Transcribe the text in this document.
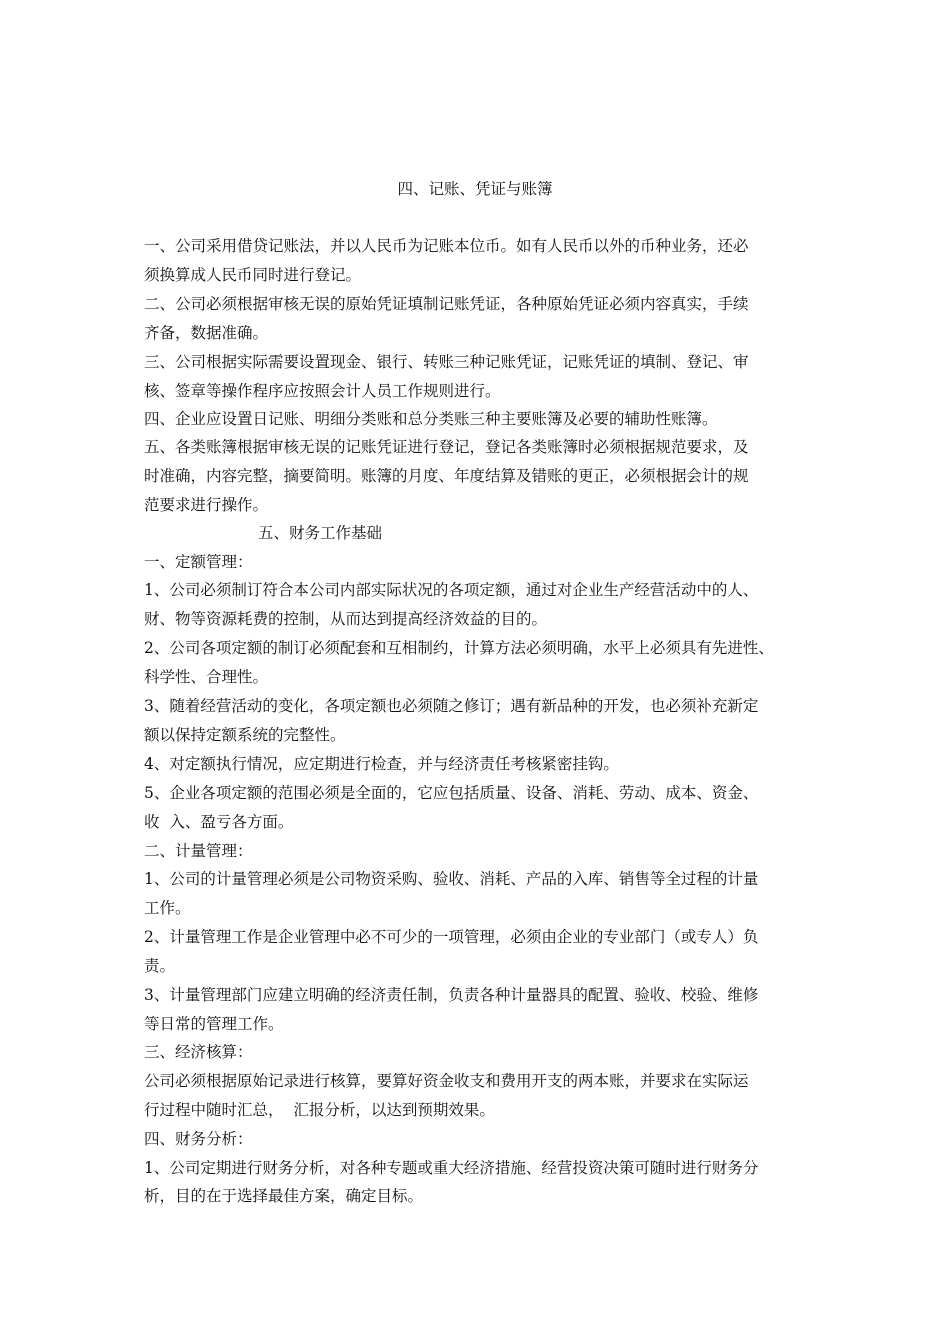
四、记账、凭证与账簿
一、公司采用借贷记账法，并以人民币为记账本位币。如有人民币以外的币种业务，还必
须换算成人民币同时进行登记。
二、公司必须根据审核无误的原始凭证填制记账凭证，各种原始凭证必须内容真实，手续
齐备，数据准确。
三、公司根据实际需要设置现金、银行、转账三种记账凭证，记账凭证的填制、登记、审
核、签章等操作程序应按照会计人员工作规则进行。
四、企业应设置日记账、明细分类账和总分类账三种主要账簿及必要的辅助性账簿。
五、各类账簿根据审核无误的记账凭证进行登记，登记各类账簿时必须根据规范要求，及
时准确，内容完整，摘要简明。账簿的月度、年度结算及错账的更正，必须根据会计的规
范要求进行操作。
五、财务工作基础
一、定额管理：
1、公司必须制订符合本公司内部实际状况的各项定额，通过对企业生产经营活动中的人、
财、物等资源耗费的控制，从而达到提高经济效益的目的。
2、公司各项定额的制订必须配套和互相制约，计算方法必须明确，水平上必须具有先进性、
科学性、合理性。
3、随着经营活动的变化，各项定额也必须随之修订；遇有新品种的开发，也必须补充新定
额以保持定额系统的完整性。
4、对定额执行情况，应定期进行检查，并与经济责任考核紧密挂钩。
5、企业各项定额的范围必须是全面的，它应包括质量、设备、消耗、劳动、成本、资金、
收  入、盈亏各方面。
二、计量管理：
1、公司的计量管理必须是公司物资采购、验收、消耗、产品的入库、销售等全过程的计量
工作。
2、计量管理工作是企业管理中必不可少的一项管理，必须由企业的专业部门（或专人）负
责。
3、计量管理部门应建立明确的经济责任制，负责各种计量器具的配置、验收、校验、维修
等日常的管理工作。
三、经济核算：
公司必须根据原始记录进行核算，要算好资金收支和费用开支的两本账，并要求在实际运
行过程中随时汇总，  汇报分析，以达到预期效果。
四、财务分析：
1、公司定期进行财务分析，对各种专题或重大经济措施、经营投资决策可随时进行财务分
析，目的在于选择最佳方案，确定目标。
